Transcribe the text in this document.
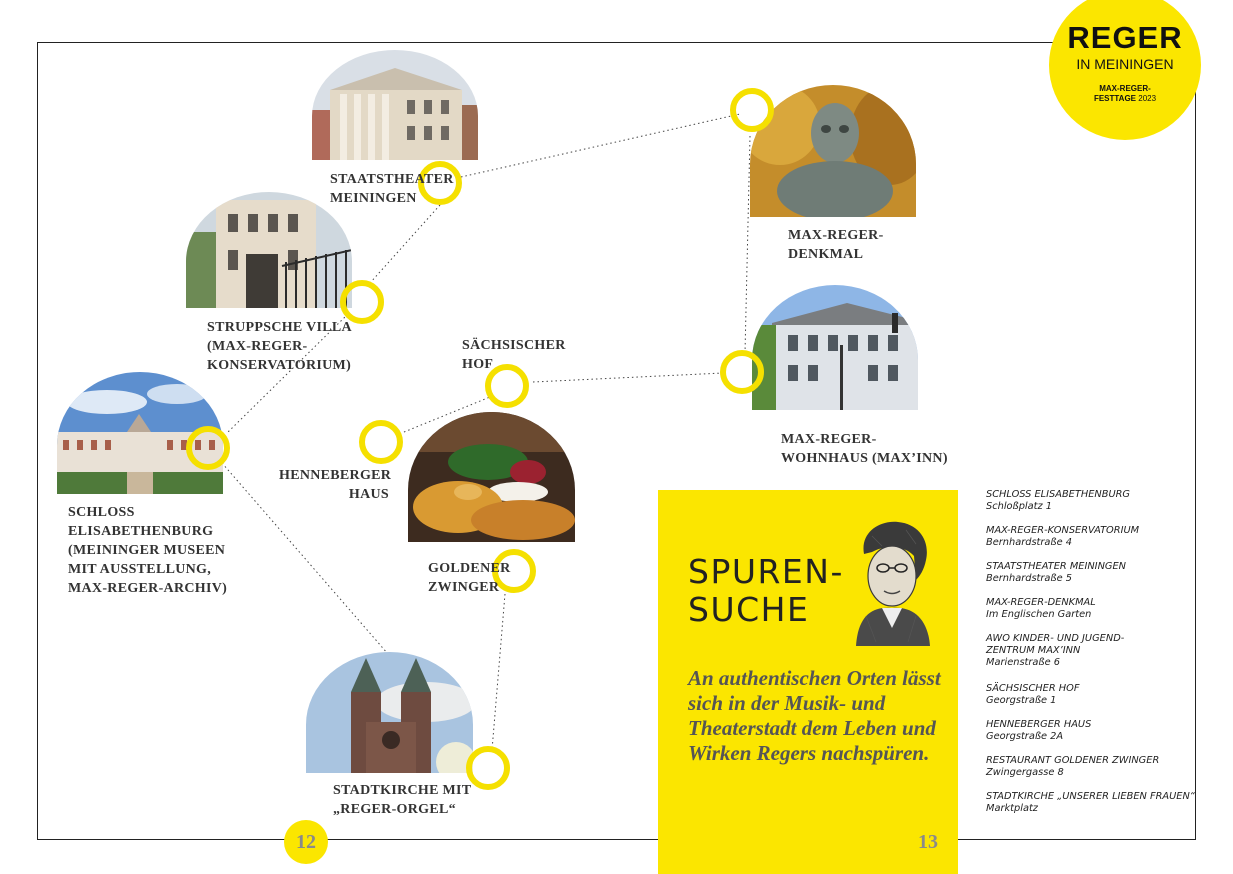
STAATSTHEATER
MEININGEN
STRUPPSCHE VILLA
(MAX-REGER-
KONSERVATORIUM)
SCHLOSS
ELISABETHENBURG
(MEININGER MUSEEN
MIT AUSSTELLUNG,
MAX-REGER-ARCHIV)
SÄCHSISCHER
HOF
HENNEBERGER
HAUS
GOLDENER
ZWINGER
STADTKIRCHE MIT
„REGER-ORGEL“
MAX-REGER-
DENKMAL
MAX-REGER-
WOHNHAUS (MAX’INN)
SPUREN-
SUCHE
An authentischen Orten lässt sich in der Musik- und Theaterstadt dem Leben und Wirken Regers nachspüren.
SCHLOSS ELISABETHENBURG
Schloßplatz 1
MAX-REGER-KONSERVATORIUM
Bernhardstraße 4
STAATSTHEATER MEININGEN
Bernhardstraße 5
MAX-REGER-DENKMAL
Im Englischen Garten
AWO KINDER- UND JUGEND-
ZENTRUM MAX’INN
Marienstraße 6
SÄCHSISCHER HOF
Georgstraße 1
HENNEBERGER HAUS
Georgstraße 2A
RESTAURANT GOLDENER ZWINGER
Zwingergasse 8
STADTKIRCHE „UNSERER LIEBEN FRAUEN“
Marktplatz
REGER
IN MEININGEN
MAX-REGER-
FESTTAGE 2023
12	13
